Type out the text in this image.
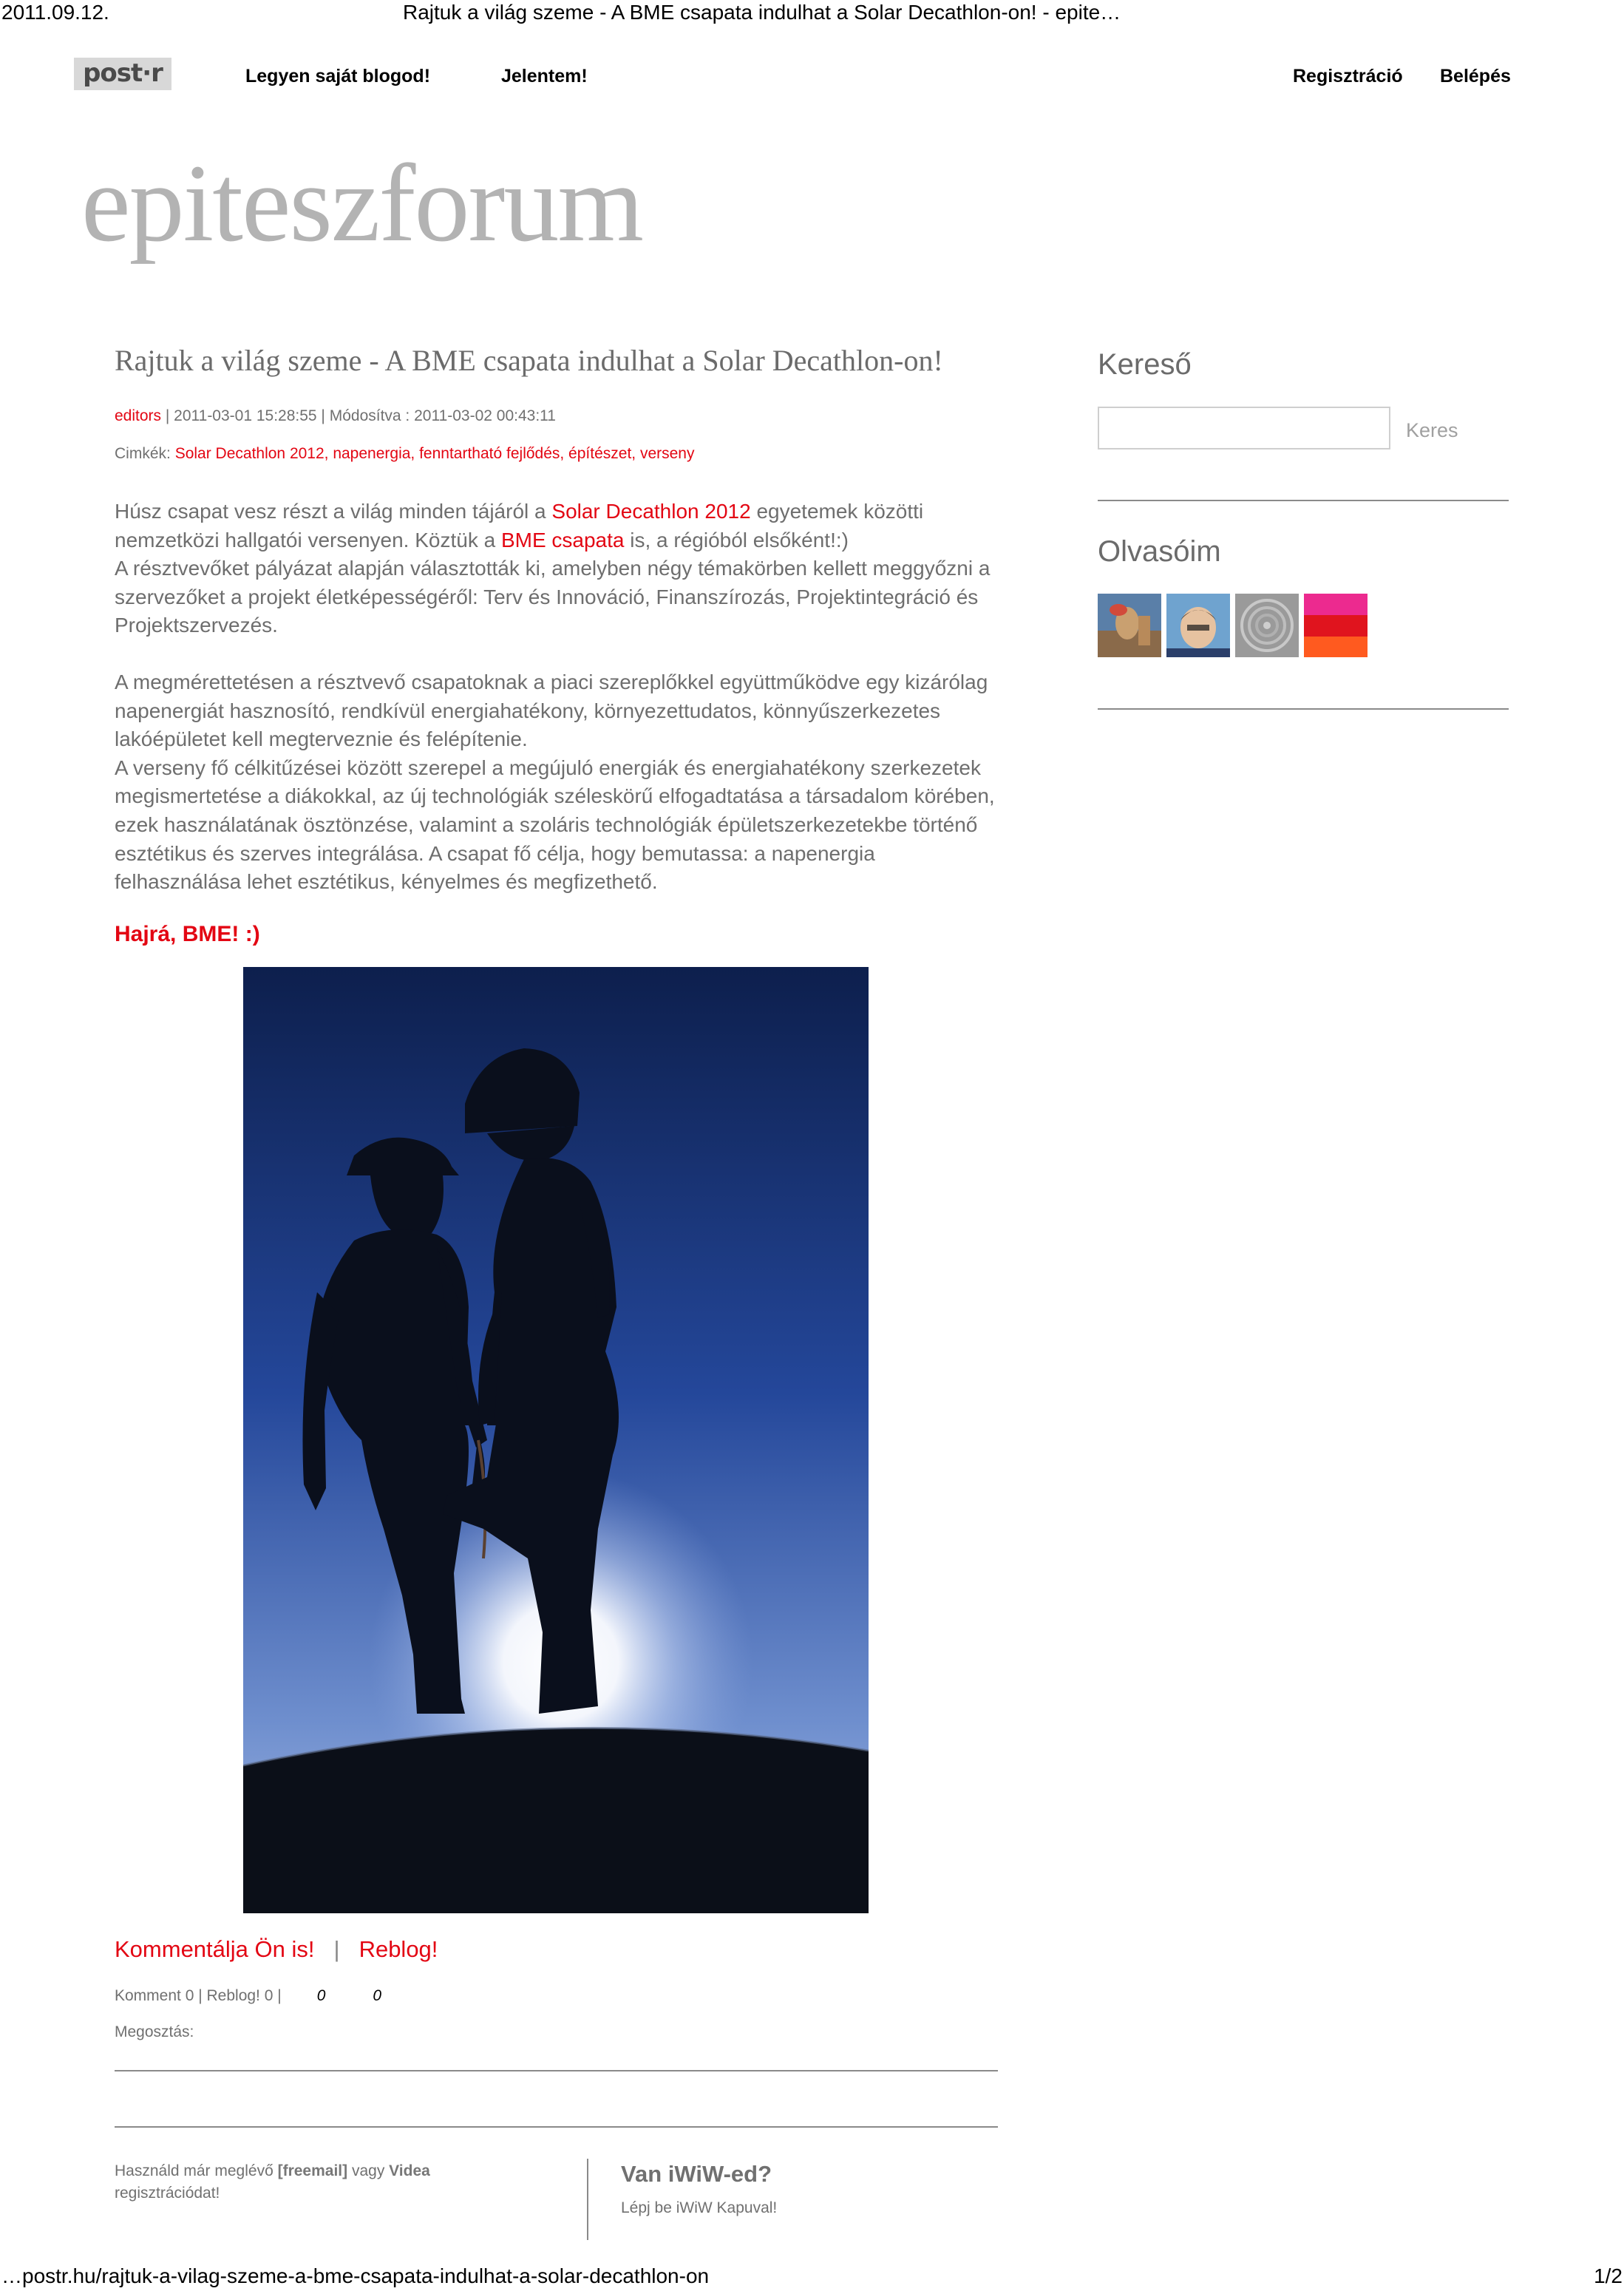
2011.09.12.	Rajtuk a világ szeme - A BME csapata indulhat a Solar Decathlon-on! - epite…
post·r	Legyen saját blogod!	Jelentem!	Regisztráció Belépés
epiteszforum
Rajtuk a világ szeme - A BME csapata indulhat a Solar Decathlon-on!
editors | 2011-03-01 15:28:55 | Módosítva : 2011-03-02 00:43:11
Cimkék: Solar Decathlon 2012, napenergia, fenntartható fejlődés, építészet, verseny

Húsz csapat vesz részt a világ minden tájáról a Solar Decathlon 2012 egyetemek közötti nemzetközi hallgatói versenyen. Köztük a BME csapata is, a régióból elsőként!:)

A résztvevőket pályázat alapján választották ki, amelyben négy témakörben kellett meggyőzni a szervezőket a projekt életképességéről: Terv és Innováció, Finanszírozás, Projektintegráció és Projektszervezés.

A megmérettetésen a résztvevő csapatoknak a piaci szereplőkkel együttműködve egy kizárólag napenergiát hasznosító, rendkívül energiahatékony, környezettudatos, könnyűszerkezetes lakóépületet kell megterveznie és felépítenie.

A verseny fő célkitűzései között szerepel a megújuló energiák és energiahatékony szerkezetek megismertetése a diákokkal, az új technológiák széleskörű elfogadtatása a társadalom körében, ezek használatának ösztönzése, valamint a szoláris technológiák épületszerkezetekbe történő esztétikus és szerves integrálása. A csapat fő célja, hogy bemutassa: a napenergia felhasználása lehet esztétikus, kényelmes és megfizethető.

Hajrá, BME! :)
Kommentálja Ön is! | Reblog!
Komment 0 | Reblog! 0 | 0	0
Megosztás:
Használd már meglévő [freemail] vagy Videa regisztrációdat!
Van iWiW-ed?
Lépj be iWiW Kapuval!
Kereső
Keres
Olvasóim
…postr.hu/rajtuk-a-vilag-szeme-a-bme-csapata-indulhat-a-solar-decathlon-on	1/2
